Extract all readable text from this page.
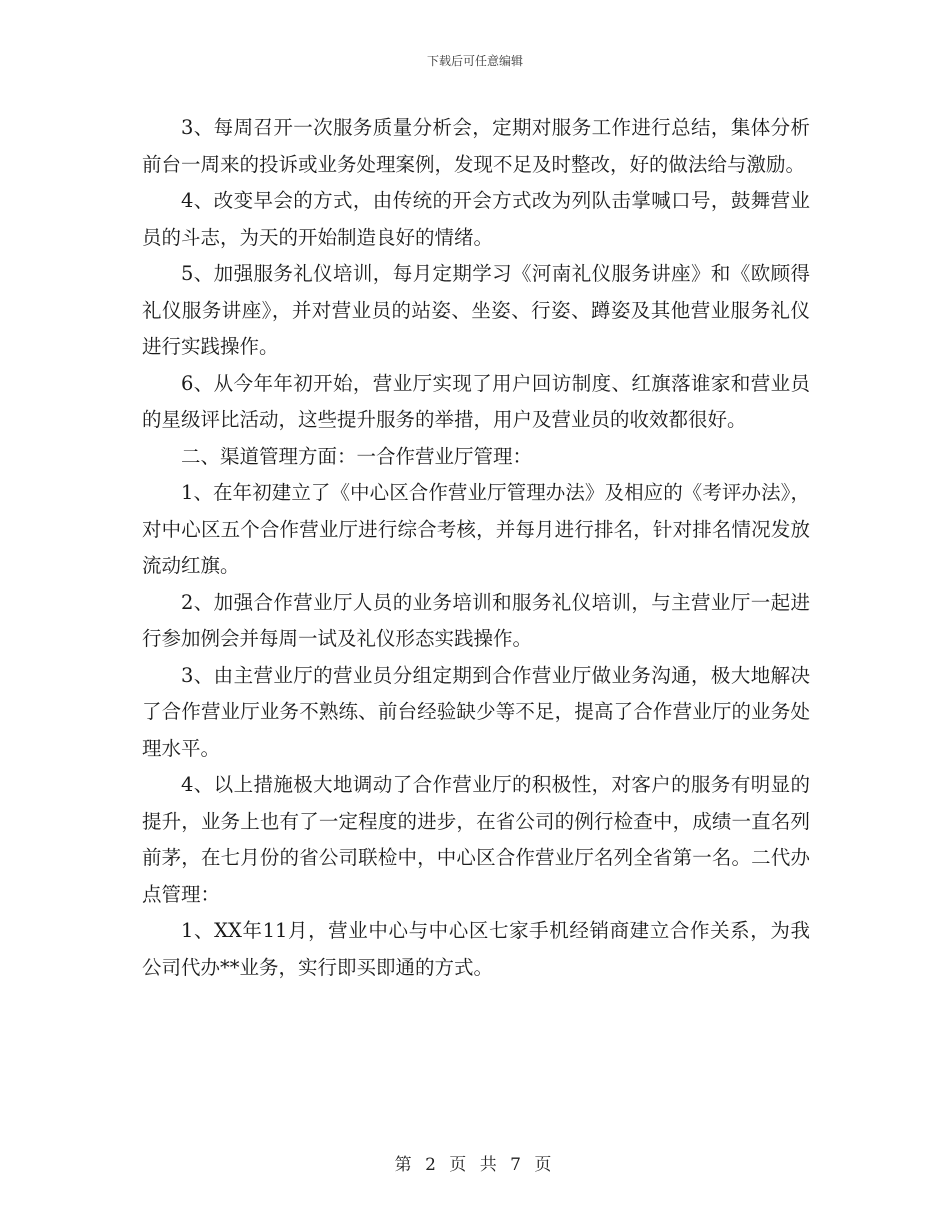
下载后可任意编辑

3、每周召开一次服务质量分析会，定期对服务工作进行总结，集体分析前台一周来的投诉或业务处理案例，发现不足及时整改，好的做法给与激励。

4、改变早会的方式，由传统的开会方式改为列队击掌喊口号，鼓舞营业员的斗志，为天的开始制造良好的情绪。

5、加强服务礼仪培训，每月定期学习《河南礼仪服务讲座》和《欧顾得礼仪服务讲座》，并对营业员的站姿、坐姿、行姿、蹲姿及其他营业服务礼仪进行实践操作。

6、从今年年初开始，营业厅实现了用户回访制度、红旗落谁家和营业员的星级评比活动，这些提升服务的举措，用户及营业员的收效都很好。

二、渠道管理方面：一合作营业厅管理：

1、在年初建立了《中心区合作营业厅管理办法》及相应的《考评办法》，对中心区五个合作营业厅进行综合考核，并每月进行排名，针对排名情况发放流动红旗。

2、加强合作营业厅人员的业务培训和服务礼仪培训，与主营业厅一起进行参加例会并每周一试及礼仪形态实践操作。

3、由主营业厅的营业员分组定期到合作营业厅做业务沟通，极大地解决了合作营业厅业务不熟练、前台经验缺少等不足，提高了合作营业厅的业务处理水平。

4、以上措施极大地调动了合作营业厅的积极性，对客户的服务有明显的提升，业务上也有了一定程度的进步，在省公司的例行检查中，成绩一直名列前茅，在七月份的省公司联检中，中心区合作营业厅名列全省第一名。二代办点管理：

1、XX年11月，营业中心与中心区七家手机经销商建立合作关系，为我公司代办**业务，实行即买即通的方式。

第 2 页 共 7 页
